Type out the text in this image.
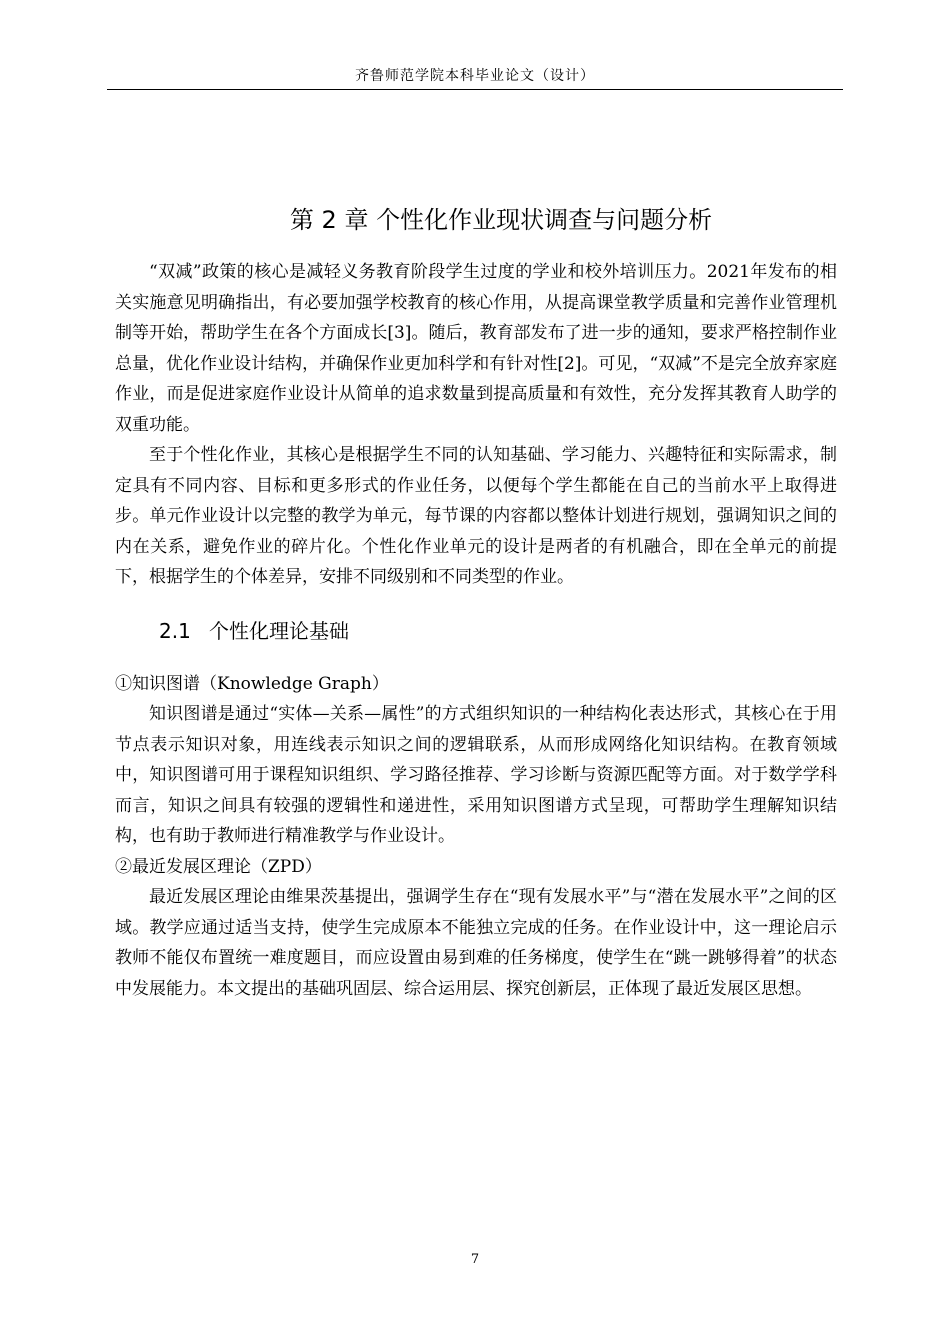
齐鲁师范学院本科毕业论文（设计）
第 2 章 个性化作业现状调查与问题分析

“双减”政策的核心是减轻义务教育阶段学生过度的学业和校外培训压力。2021年发布的相关实施意见明确指出，有必要加强学校教育的核心作用，从提高课堂教学质量和完善作业管理机制等开始，帮助学生在各个方面成长[3]。随后，教育部发布了进一步的通知，要求严格控制作业总量，优化作业设计结构，并确保作业更加科学和有针对性[2]。可见，“双减”不是完全放弃家庭作业，而是促进家庭作业设计从简单的追求数量到提高质量和有效性，充分发挥其教育人助学的双重功能。

至于个性化作业，其核心是根据学生不同的认知基础、学习能力、兴趣特征和实际需求，制定具有不同内容、目标和更多形式的作业任务，以便每个学生都能在自己的当前水平上取得进步。单元作业设计以完整的教学为单元，每节课的内容都以整体计划进行规划，强调知识之间的内在关系，避免作业的碎片化。个性化作业单元的设计是两者的有机融合，即在全单元的前提下，根据学生的个体差异，安排不同级别和不同类型的作业。

2.1 个性化理论基础

①知识图谱（Knowledge Graph）

知识图谱是通过“实体—关系—属性”的方式组织知识的一种结构化表达形式，其核心在于用节点表示知识对象，用连线表示知识之间的逻辑联系，从而形成网络化知识结构。在教育领域中，知识图谱可用于课程知识组织、学习路径推荐、学习诊断与资源匹配等方面。对于数学学科而言，知识之间具有较强的逻辑性和递进性，采用知识图谱方式呈现，可帮助学生理解知识结构，也有助于教师进行精准教学与作业设计。

②最近发展区理论（ZPD）

最近发展区理论由维果茨基提出，强调学生存在“现有发展水平”与“潜在发展水平”之间的区域。教学应通过适当支持，使学生完成原本不能独立完成的任务。在作业设计中，这一理论启示教师不能仅布置统一难度题目，而应设置由易到难的任务梯度，使学生在“跳一跳够得着”的状态中发展能力。本文提出的基础巩固层、综合运用层、探究创新层，正体现了最近发展区思想。

7
